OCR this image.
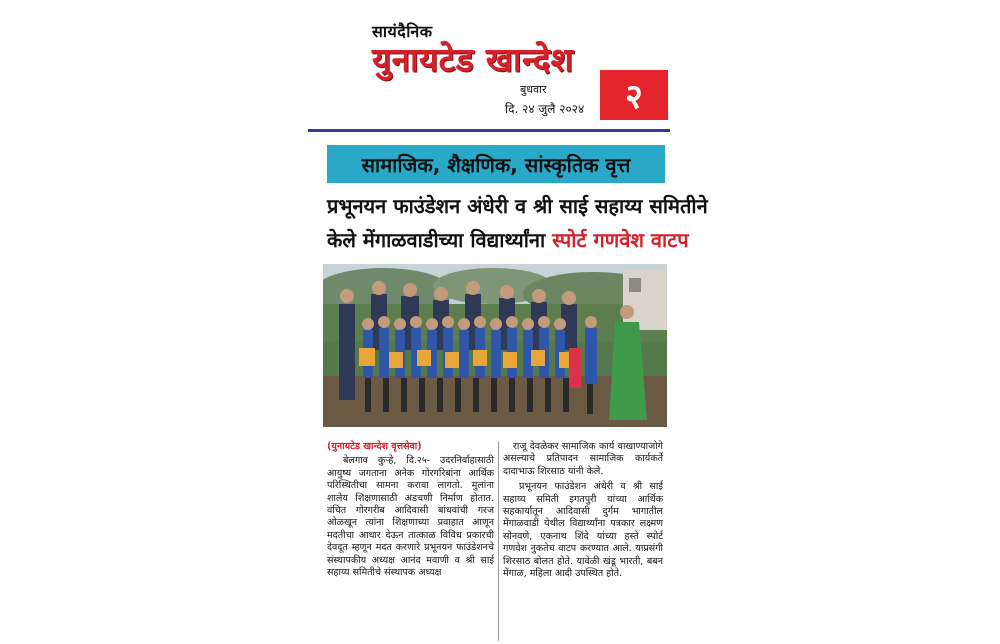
सायंदैनिक
युनायटेड खान्देश
बुधवार
दि. २४ जुलै २०२४	२
सामाजिक, शैक्षणिक, सांस्कृतिक वृत्त
प्रभूनयन फाउंडेशन अंधेरी व श्री साई सहाय्य समितीने
केले मेंगाळवाडीच्या विद्यार्थ्यांना स्पोर्ट गणवेश वाटप

(युनायटेड खान्देश वृत्तसेवा)

बेलगाव कुऱ्हे, दि.२५- उदरनिर्वाहासाठी आयुष्य जगताना अनेक गोरगरिबांना आर्थिक परिस्थितीचा सामना करावा लागतो. मुलांना शालेय शिक्षणासाठी अडचणी निर्माण होतात. वंचित गोरगरीब आदिवासी बांधवांची गरज ओळखून त्यांना शिक्षणाच्या प्रवाहात आणून मदतीचा आधार देऊन तात्काळ विविध प्रकारची देवदूत म्हणून मदत करणारे प्रभूनयन फाउंडेशनचे संस्थापकीय अध्यक्ष आनंद मवाणी व श्री साई सहाय्य समितीचे संस्थापक अध्यक्ष

राजू देवळेकर सामाजिक कार्य वाखाण्याजोगे असल्याचे प्रतिपादन सामाजिक कार्यकर्ते दादाभाऊ शिरसाठ यांनी केले.

प्रभूनयन फाउंडेशन अंधेरी व श्री साई सहाय्य समिती इगतपुरी यांच्या आर्थिक सहकार्यातून आदिवासी दुर्गम भागातील मेंगाळवाडी येथील विद्यार्थ्यांना पत्रकार लक्ष्मण सोनवणे, एकनाथ शिंदे यांच्या हस्ते स्पोर्ट गणवेश नुकतेच वाटप करण्यात आले. याप्रसंगी शिरसाठ बोलत होते. यावेळी खंडू भारती, बबन मेंगाळ, महिला आदी उपस्थित होते.
